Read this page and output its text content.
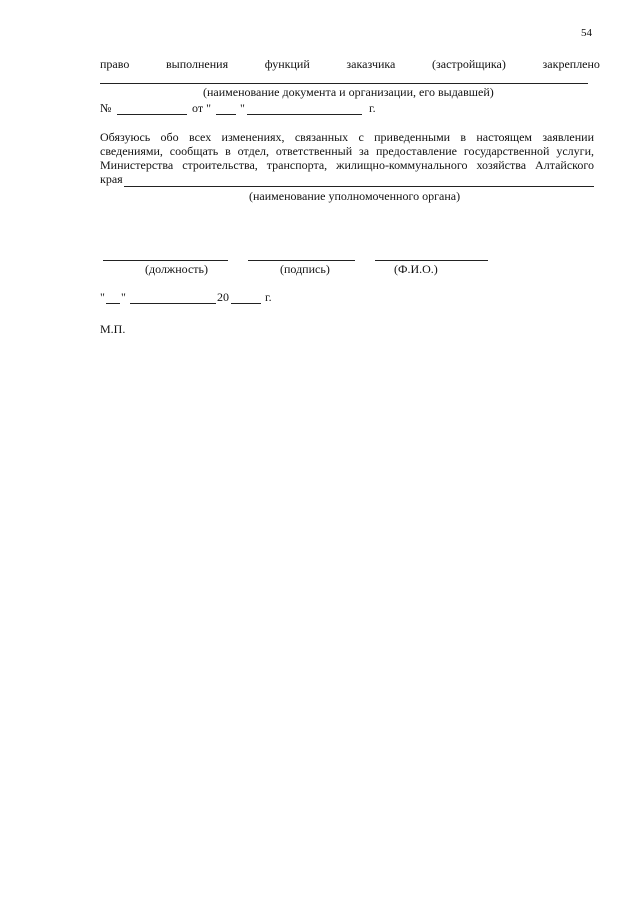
54
право	выполнения	функций	заказчика	(застройщика)	закреплено
(наименование документа и организации, его выдавшей)
№	от " "	г.
Обязуюсь обо всех изменениях, связанных с приведенными в настоящем заявлении
сведениями, сообщать в отдел, ответственный за предоставление государственной услуги,
Министерства строительства, транспорта, жилищно-коммунального хозяйства Алтайского
края
(наименование уполномоченного органа)
(должность)	(подпись)	(Ф.И.О.)
" "	20	г.
М.П.
